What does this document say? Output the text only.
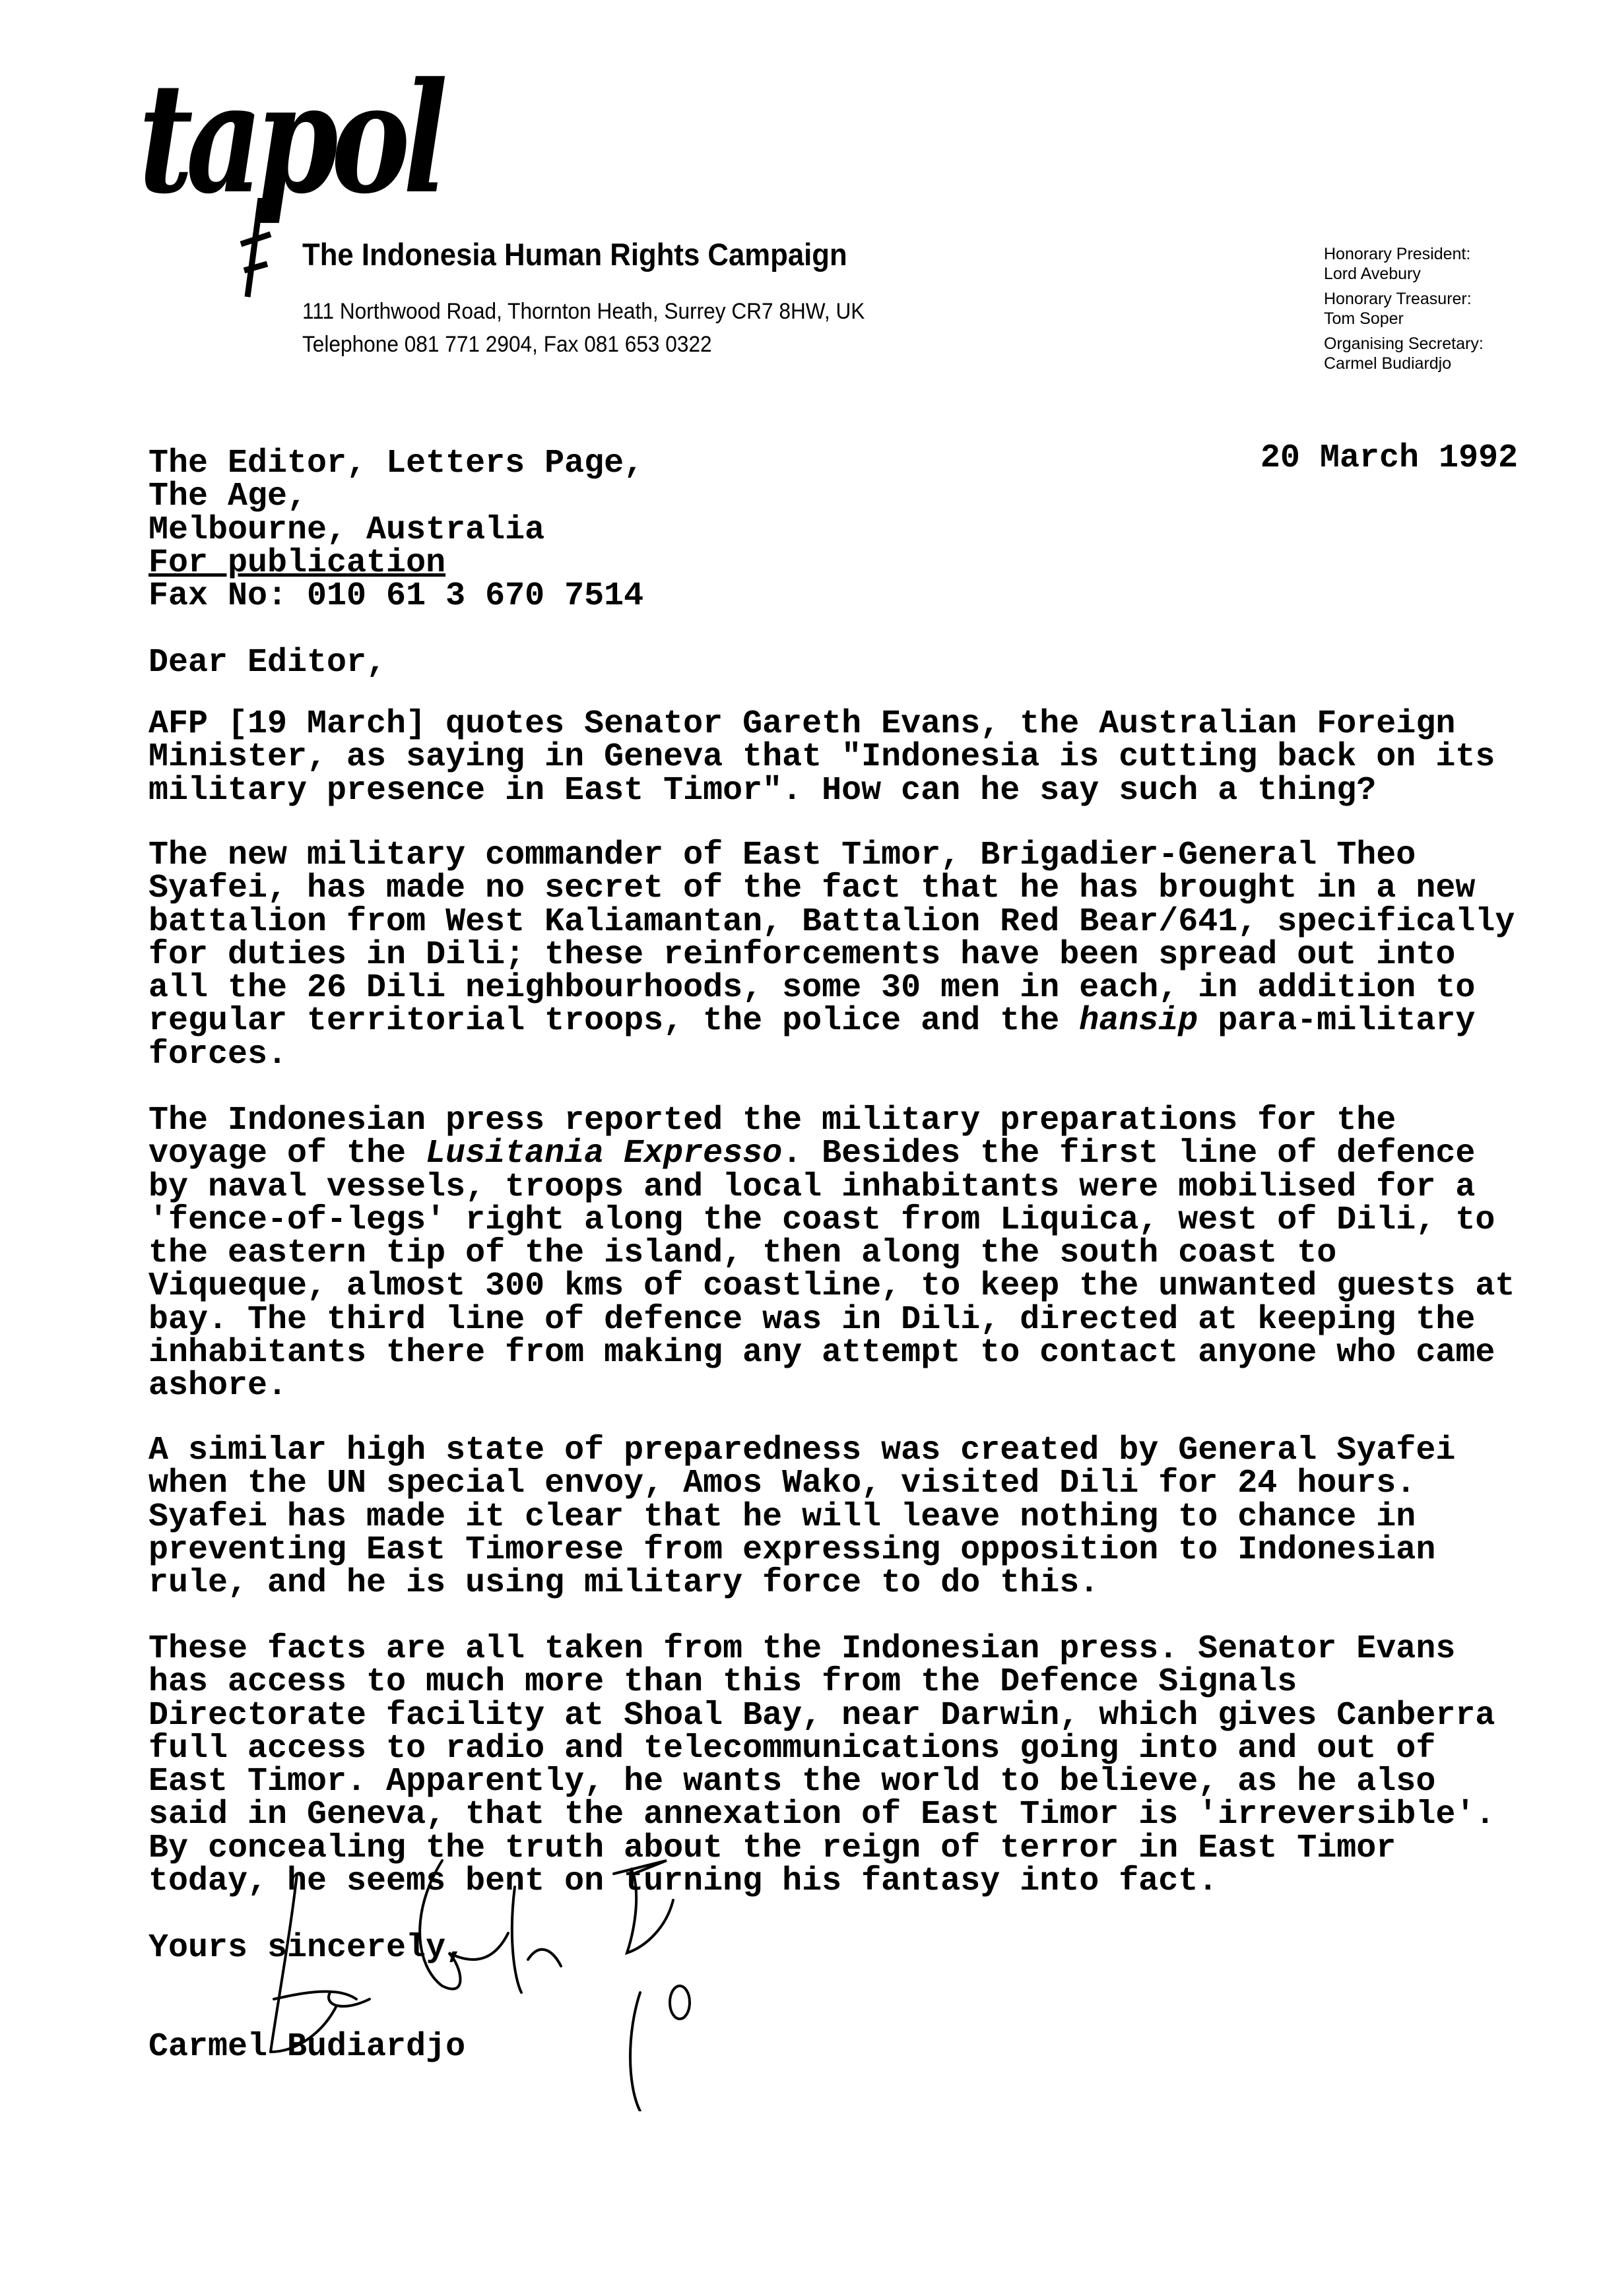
tapol
The Indonesia Human Rights Campaign
111 Northwood Road, Thornton Heath, Surrey CR7 8HW, UK
Telephone 081 771 2904, Fax 081 653 0322
Honorary President:
Lord Avebury
Honorary Treasurer:
Tom Soper
Organising Secretary:
Carmel Budiardjo
20 March 1992
The Editor, Letters Page,
The Age,
Melbourne, Australia
For publication
Fax No: 010 61 3 670 7514
Dear Editor,
AFP [19 March] quotes Senator Gareth Evans, the Australian Foreign
Minister, as saying in Geneva that "Indonesia is cutting back on its
military presence in East Timor". How can he say such a thing?
The new military commander of East Timor, Brigadier-General Theo
Syafei, has made no secret of the fact that he has brought in a new
battalion from West Kaliamantan, Battalion Red Bear/641, specifically
for duties in Dili; these reinforcements have been spread out into
all the 26 Dili neighbourhoods, some 30 men in each, in addition to
regular territorial troops, the police and the hansip para-military
forces.
The Indonesian press reported the military preparations for the
voyage of the Lusitania Expresso. Besides the first line of defence
by naval vessels, troops and local inhabitants were mobilised for a
'fence-of-legs' right along the coast from Liquica, west of Dili, to
the eastern tip of the island, then along the south coast to
Viqueque, almost 300 kms of coastline, to keep the unwanted guests at
bay. The third line of defence was in Dili, directed at keeping the
inhabitants there from making any attempt to contact anyone who came
ashore.
A similar high state of preparedness was created by General Syafei
when the UN special envoy, Amos Wako, visited Dili for 24 hours.
Syafei has made it clear that he will leave nothing to chance in
preventing East Timorese from expressing opposition to Indonesian
rule, and he is using military force to do this.
These facts are all taken from the Indonesian press. Senator Evans
has access to much more than this from the Defence Signals
Directorate facility at Shoal Bay, near Darwin, which gives Canberra
full access to radio and telecommunications going into and out of
East Timor. Apparently, he wants the world to believe, as he also
said in Geneva, that the annexation of East Timor is 'irreversible'.
By concealing the truth about the reign of terror in East Timor
today, he seems bent on turning his fantasy into fact.
Yours sincerely,
Carmel Budiardjo
